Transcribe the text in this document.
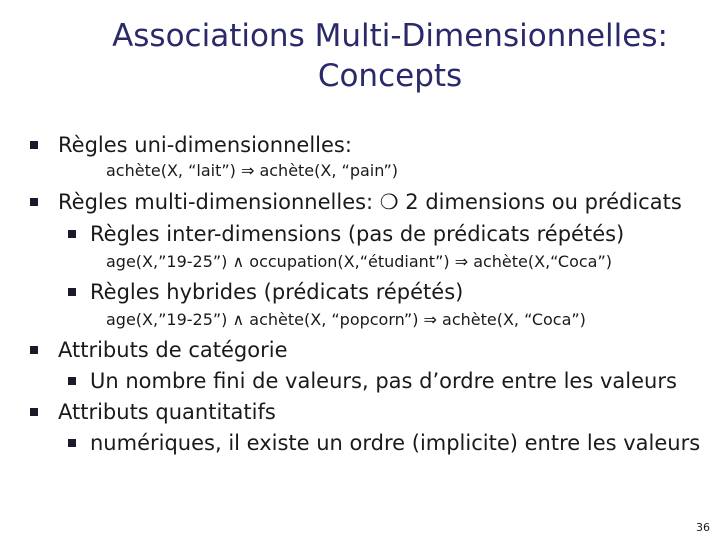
Associations Multi-Dimensionnelles:
Concepts
Règles uni-dimensionnelles:
achète(X, “lait”) ⇒ achète(X, “pain”)
Règles multi-dimensionnelles: ❍ 2 dimensions ou prédicats
Règles inter-dimensions (pas de prédicats répétés)
age(X,”19-25”) ∧ occupation(X,“étudiant”) ⇒ achète(X,“Coca”)
Règles hybrides (prédicats répétés)
age(X,”19-25”) ∧ achète(X, “popcorn”) ⇒ achète(X, “Coca”)
Attributs de catégorie
Un nombre fini de valeurs, pas d’ordre entre les valeurs
Attributs quantitatifs
numériques, il existe un ordre (implicite) entre les valeurs
36
